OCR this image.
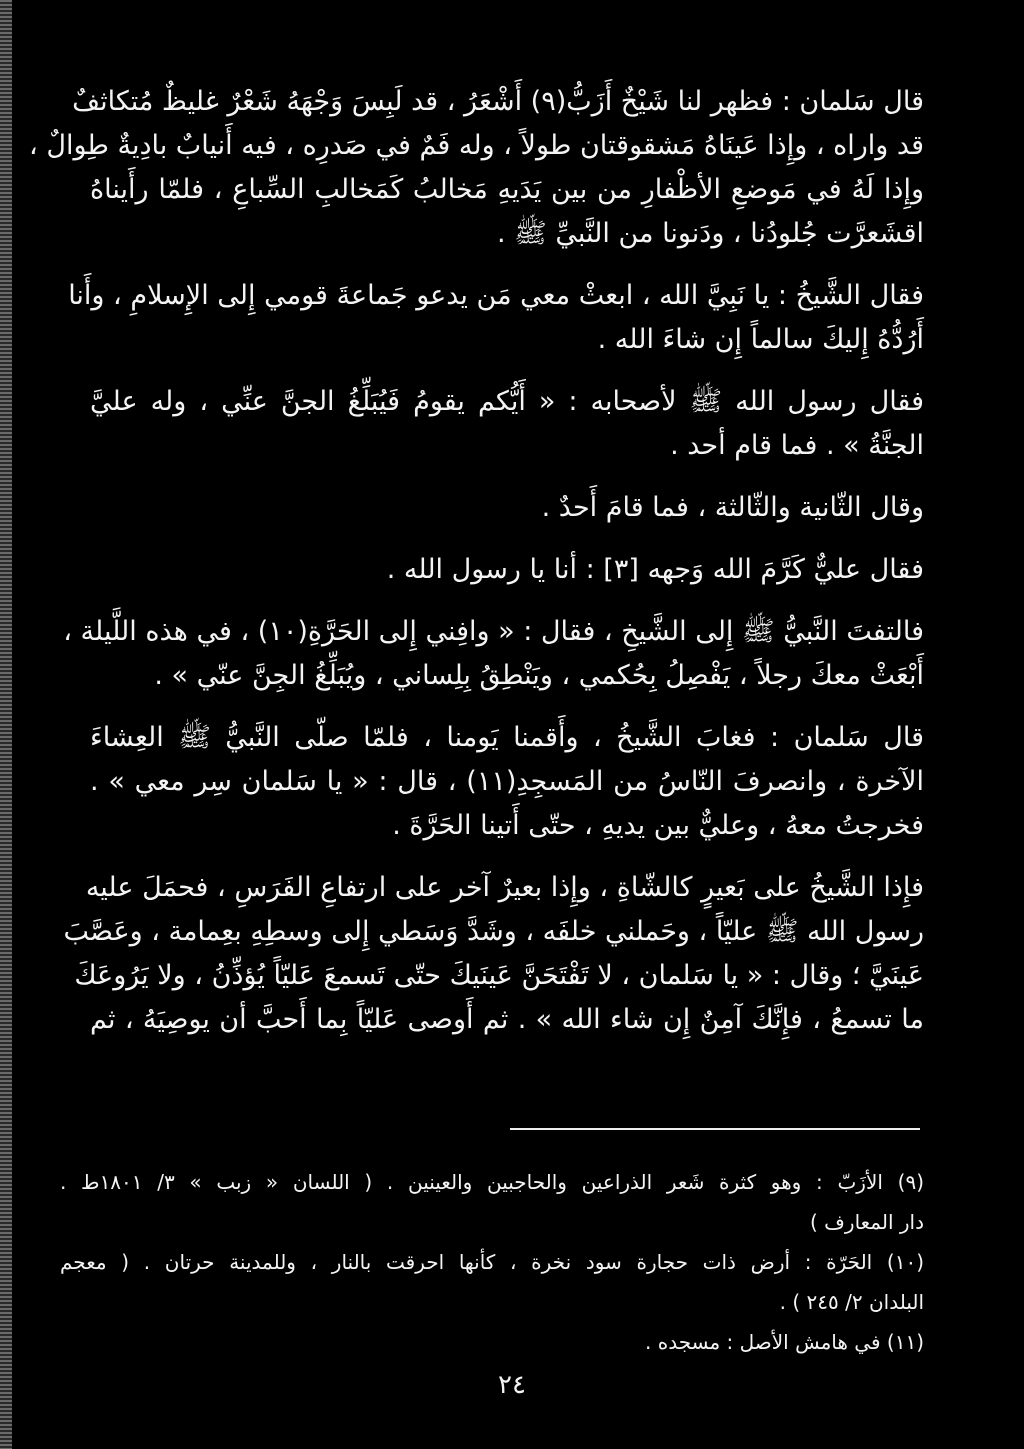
قال سَلمان : فظهر لنا شَيْخٌ أَزَبُّ(٩) أَشْعَرُ ، قد لَبِسَ وَجْهَهُ شَعْرٌ غليظٌ مُتكاثفٌ
قد واراه ، وإِذا عَينَاهُ مَشقوقتان طولاً ، وله فَمٌ في صَدرِه ، فيه أَنيابٌ بادِيةٌ طِوالٌ ،
وإِذا لَهُ في مَوضعِ الأظْفارِ من بين يَدَيهِ مَخالبُ كَمَخالبِ السِّباعِ ، فلمّا رأَيناهُ
اقشَعرَّت جُلودُنا ، ودَنونا من النَّبيِّ ﷺ .
فقال الشَّيخُ : يا نَبِيَّ الله ، ابعثْ معي مَن يدعو جَماعةَ قومي إِلى الإِسلامِ ، وأَنا
أَرُدُّهُ إِليكَ سالماً إِن شاءَ الله .
فقال رسول الله ﷺ لأصحابه : « أَيُّكم يقومُ فَيُبَلِّغُ الجنَّ عنِّي ، وله عليَّ
الجنَّةُ » . فما قام أحد .
وقال الثّانية والثّالثة ، فما قامَ أَحدٌ .
فقال عليٌّ كَرَّمَ الله وَجهه [٣] : أنا يا رسول الله .
فالتفتَ النَّبيُّ ﷺ إِلى الشَّيخِ ، فقال : « وافِني إِلى الحَرَّةِ(١٠) ، في هذه اللَّيلة ،
أَبْعَثْ معكَ رجلاً ، يَفْصِلُ بِحُكمي ، ويَنْطِقُ بِلِساني ، ويُبَلِّغُ الجِنَّ عنّي » .
قال سَلمان : فغابَ الشَّيخُ ، وأَقمنا يَومنا ، فلمّا صلّى النَّبيُّ ﷺ العِشاءَ
الآخرة ، وانصرفَ النّاسُ من المَسجِدِ(١١) ، قال : « يا سَلمان سِر معي » .
فخرجتُ معهُ ، وعليٌّ بين يديهِ ، حتّى أَتينا الحَرَّةَ .
فإِذا الشَّيخُ على بَعيرٍ كالشّاةِ ، وإِذا بعيرٌ آخر على ارتفاعِ الفَرَسِ ، فحمَلَ عليه
رسول الله ﷺ عليّاً ، وحَملني خلفَه ، وشَدَّ وَسَطي إِلى وسطِهِ بعِمامة ، وعَصَّبَ
عَينَيَّ ؛ وقال : « يا سَلمان ، لا تَفْتَحَنَّ عَينَيكَ حتّى تَسمعَ عَليّاً يُؤذِّنُ ، ولا يَرُوعَكَ
ما تسمعُ ، فإِنَّكَ آمِنٌ إِن شاء الله » . ثم أَوصى عَليّاً بِما أَحبَّ أن يوصِيَهُ ، ثم
(٩) الأزَبّ : وهو كثرة شَعر الذراعين والحاجبين والعينين . ( اللسان « زبب » ٣/ ١٨٠١ط .
دار المعارف )
(١٠) الحَرّة : أرض ذات حجارة سود نخرة ، كأنها احرقت بالنار ، وللمدينة حرتان . ( معجم
البلدان ٢/ ٢٤٥ ) .
(١١) في هامش الأصل : مسجده .
٢٤
